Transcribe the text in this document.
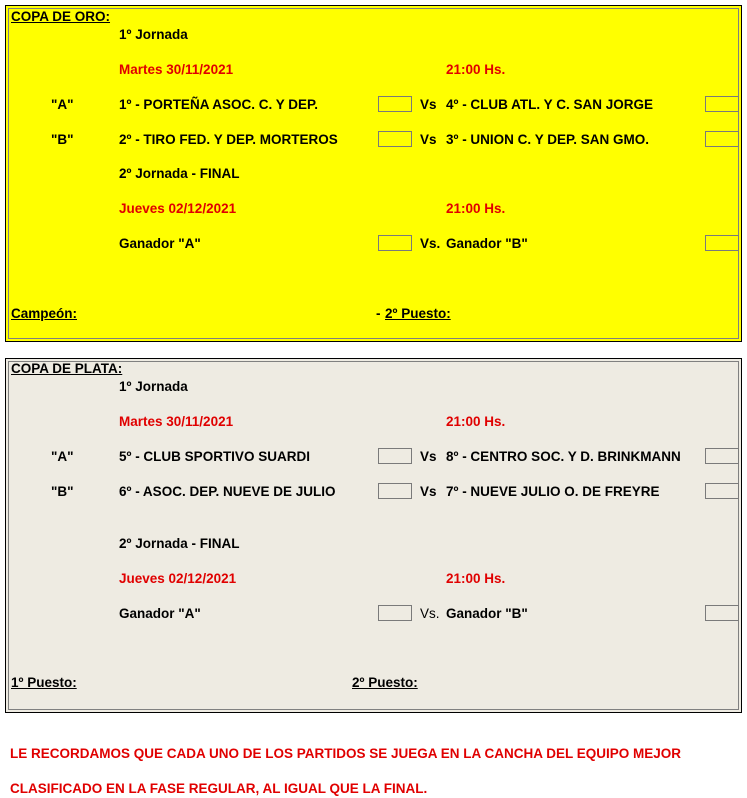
COPA DE ORO:
1º Jornada
Martes 30/11/2021	21:00 Hs.
"A"	1º - PORTEÑA ASOC. C. Y DEP.	Vs 4º - CLUB ATL. Y C. SAN JORGE
"B"	2º - TIRO FED. Y DEP. MORTEROS	Vs 3º - UNION C. Y DEP. SAN GMO.
2º Jornada - FINAL
Jueves 02/12/2021	21:00 Hs.
Ganador "A"	Vs. Ganador "B"
Campeón:	- 2º Puesto:
COPA DE PLATA:
1º Jornada
Martes 30/11/2021	21:00 Hs.
"A"	5º - CLUB SPORTIVO SUARDI	Vs 8º - CENTRO SOC. Y D. BRINKMANN
"B"	6º - ASOC. DEP. NUEVE DE JULIO	Vs 7º - NUEVE JULIO O. DE FREYRE
2º Jornada - FINAL
Jueves 02/12/2021	21:00 Hs.
Ganador "A"	Vs. Ganador "B"
1º Puesto:	2º Puesto:
LE RECORDAMOS QUE CADA UNO DE LOS PARTIDOS SE JUEGA EN LA CANCHA DEL EQUIPO MEJOR
CLASIFICADO EN LA FASE REGULAR, AL IGUAL QUE LA FINAL.
